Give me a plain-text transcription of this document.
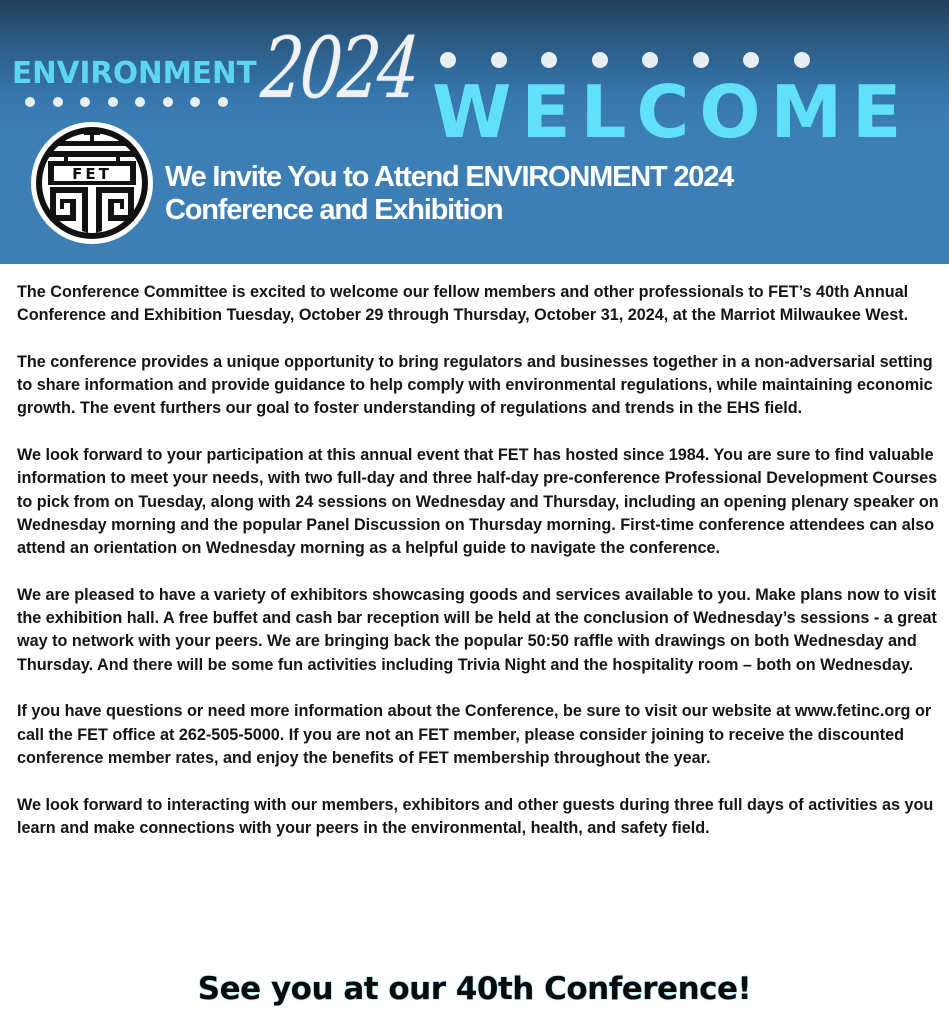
ENVIRONMENT 2024 WELCOME
FET We Invite You to Attend ENVIRONMENT 2024
Conference and Exhibition

The Conference Committee is excited to welcome our fellow members and other professionals to FET’s 40th Annual Conference and Exhibition Tuesday, October 29 through Thursday, October 31, 2024, at the Marriot Milwaukee West.

The conference provides a unique opportunity to bring regulators and businesses together in a non-adversarial setting to share information and provide guidance to help comply with environmental regulations, while maintaining economic growth. The event furthers our goal to foster understanding of regulations and trends in the EHS field.

We look forward to your participation at this annual event that FET has hosted since 1984. You are sure to find valuable information to meet your needs, with two full-day and three half-day pre-conference Professional Development Courses to pick from on Tuesday, along with 24 sessions on Wednesday and Thursday, including an opening plenary speaker on Wednesday morning and the popular Panel Discussion on Thursday morning. First-time conference attendees can also attend an orientation on Wednesday morning as a helpful guide to navigate the conference.

We are pleased to have a variety of exhibitors showcasing goods and services available to you. Make plans now to visit the exhibition hall. A free buffet and cash bar reception will be held at the conclusion of Wednesday’s sessions - a great way to network with your peers. We are bringing back the popular 50:50 raffle with drawings on both Wednesday and Thursday. And there will be some fun activities including Trivia Night and the hospitality room – both on Wednesday.

If you have questions or need more information about the Conference, be sure to visit our website at www.fetinc.org or call the FET office at 262-505-5000. If you are not an FET member, please consider joining to receive the discounted conference member rates, and enjoy the benefits of FET membership throughout the year.

We look forward to interacting with our members, exhibitors and other guests during three full days of activities as you learn and make connections with your peers in the environmental, health, and safety field.

See you at our 40th Conference!
